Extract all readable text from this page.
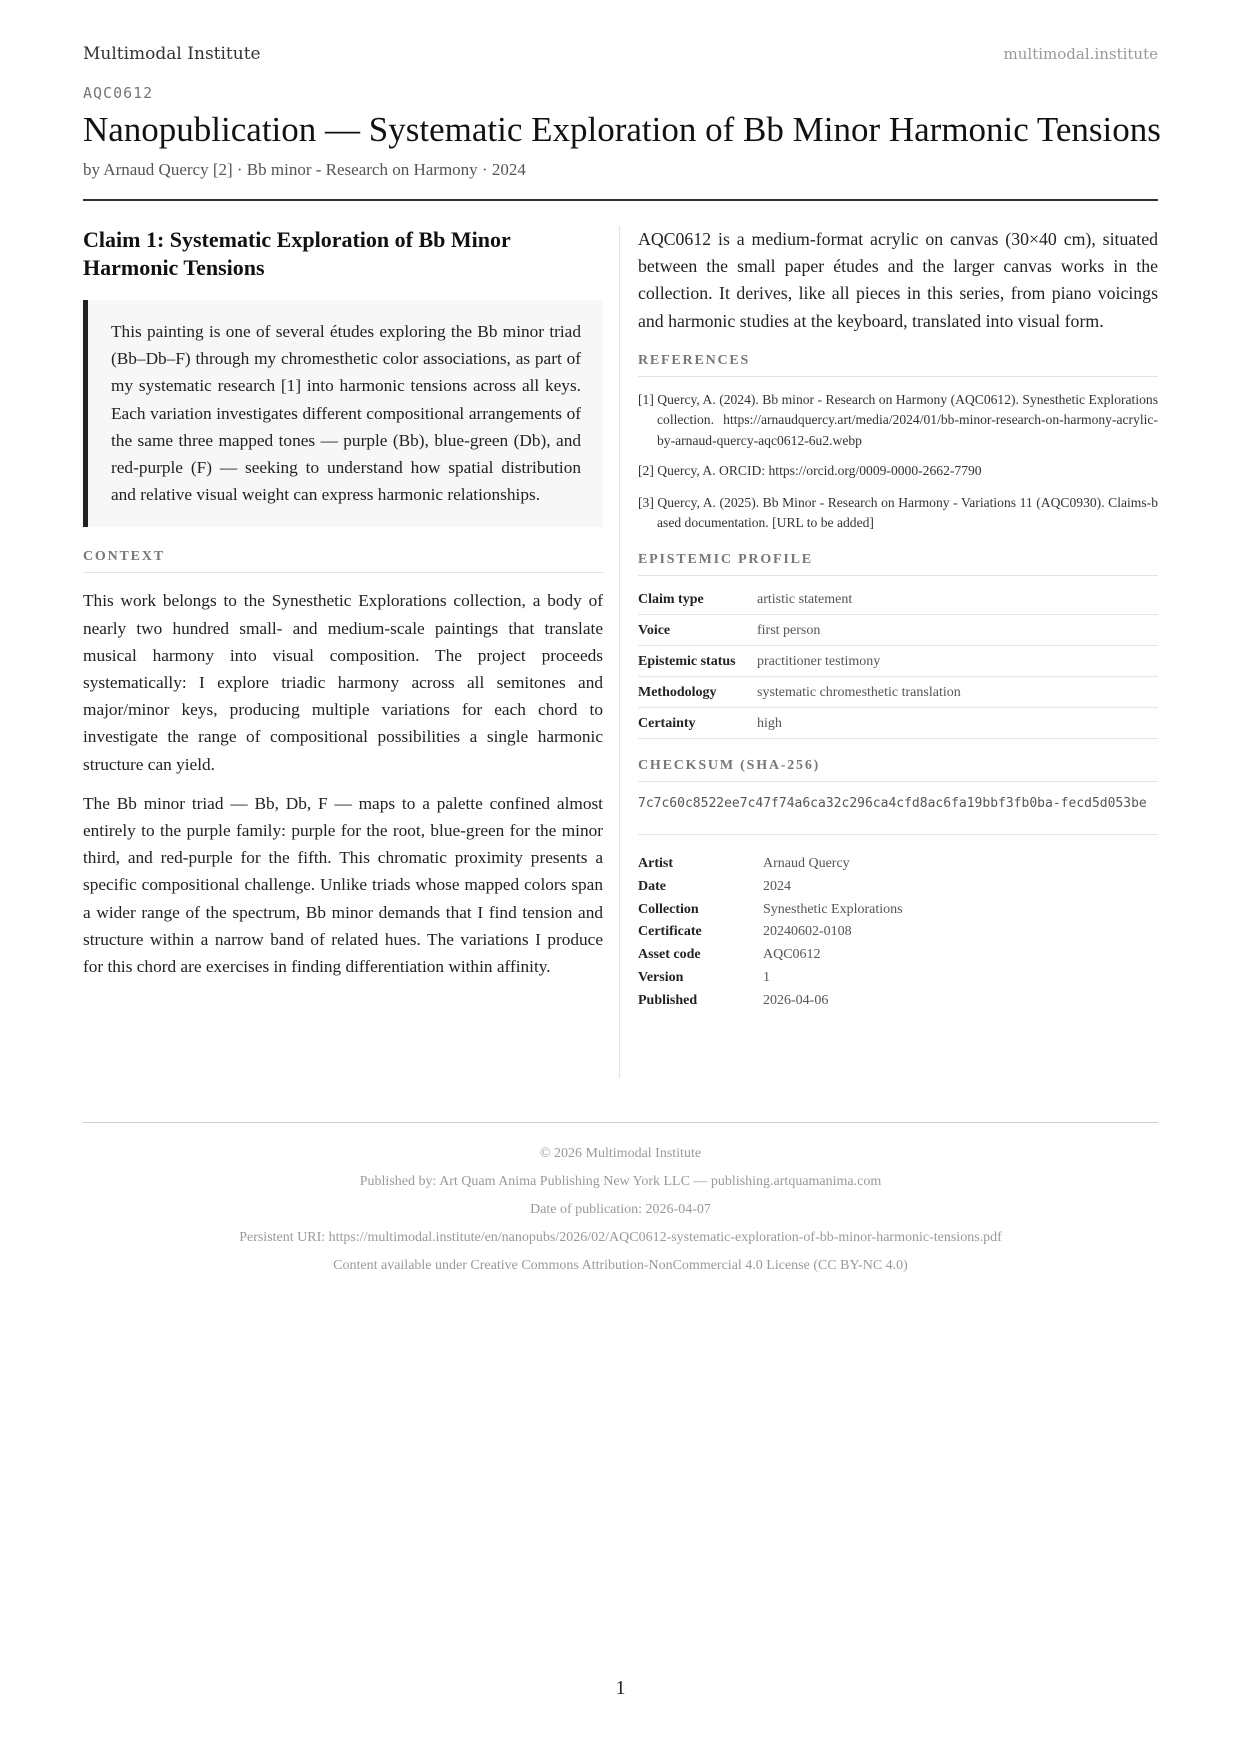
Multimodal Institute	multimodal.institute
AQC0612
Nanopublication — Systematic Exploration of Bb Minor Harmonic Tensions
by Arnaud Quercy [2] · Bb minor - Research on Harmony · 2024
Claim 1: Systematic Exploration of Bb Minor Harmonic Tensions
This painting is one of several études exploring the Bb minor triad (Bb–Db–F) through my chromesthetic color associations, as part of my systematic research [1] into harmonic tensions across all keys. Each variation investigates different compositional arrangements of the same three mapped tones — purple (Bb), blue-green (Db), and red-purple (F) — seeking to understand how spatial distribution and relative visual weight can express harmonic relationships.
CONTEXT

This work belongs to the Synesthetic Explorations collection, a body of nearly two hundred small- and medium-scale paintings that translate musical harmony into visual composition. The project proceeds systematically: I explore triadic harmony across all semitones and major/minor keys, producing multiple variations for each chord to investigate the range of compositional possibilities a single harmonic structure can yield.

The Bb minor triad — Bb, Db, F — maps to a palette confined almost entirely to the purple family: purple for the root, blue-green for the minor third, and red-purple for the fifth. This chromatic proximity presents a specific compositional challenge. Unlike triads whose mapped colors span a wider range of the spectrum, Bb minor demands that I find tension and structure within a narrow band of related hues. The variations I produce for this chord are exercises in finding differentiation within affinity.

AQC0612 is a medium-format acrylic on canvas (30×40 cm), situated between the small paper études and the larger canvas works in the collection. It derives, like all pieces in this series, from piano voicings and harmonic studies at the keyboard, translated into visual form.

REFERENCES
[1] Quercy, A. (2024). Bb minor - Research on Harmony (AQC0612). Synesthetic Explorations collection. https://arnaudquercy.art/media/2024/01/bb-minor-research-on-harmony-acrylic-by-arnaud-quercy-aqc0612-6u2.webp
[2] Quercy, A. ORCID: https://orcid.org/0009-0000-2662-7790
[3] Quercy, A. (2025). Bb Minor - Research on Harmony - Variations 11 (AQC0930). Claims-based documentation. [URL to be added]
EPISTEMIC PROFILE
Claim type	artistic statement
Voice	first person
Epistemic status	practitioner testimony
Methodology	systematic chromesthetic translation
Certainty	high
CHECKSUM (SHA-256)
7c7c60c8522ee7c47f74a6ca32c296ca4cfd8ac6fa19bbf3fb0ba-fecd5d053be
Artist	Arnaud Quercy
Date	2024
Collection	Synesthetic Explorations
Certificate	20240602-0108
Asset code	AQC0612
Version	1
Published	2026-04-06
© 2026 Multimodal Institute
Published by: Art Quam Anima Publishing New York LLC — publishing.artquamanima.com
Date of publication: 2026-04-07
Persistent URI: https://multimodal.institute/en/nanopubs/2026/02/AQC0612-systematic-exploration-of-bb-minor-harmonic-tensions.pdf
Content available under Creative Commons Attribution-NonCommercial 4.0 License (CC BY-NC 4.0)
1
